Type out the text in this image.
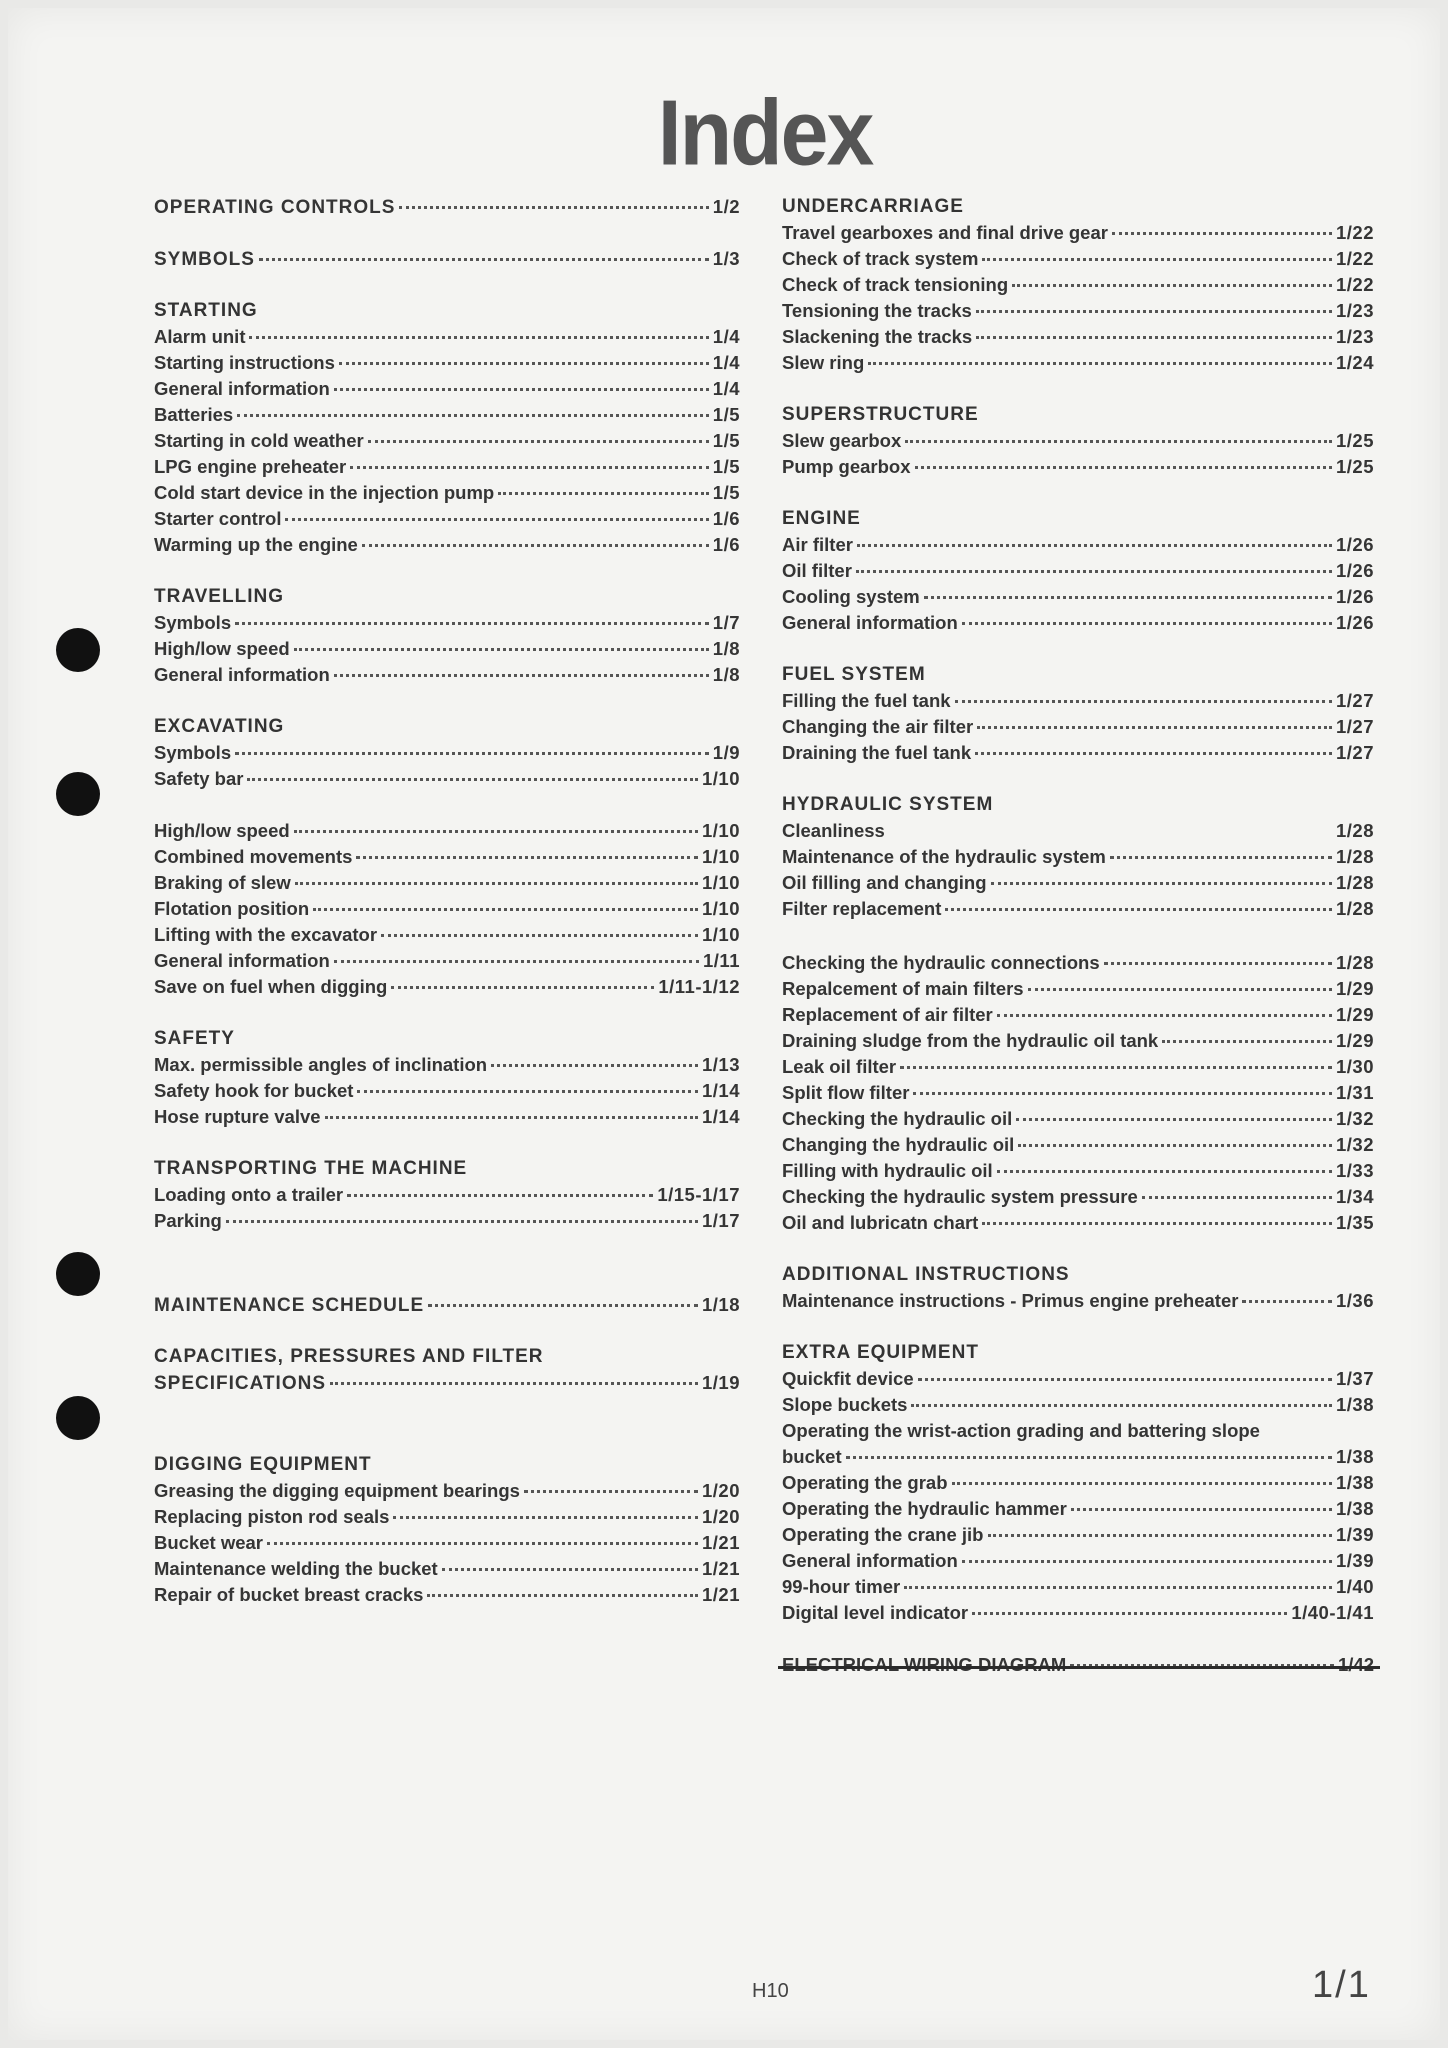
Index
OPERATING CONTROLS	1/2
SYMBOLS	1/3
STARTING
Alarm unit	1/4
Starting instructions	1/4
General information	1/4
Batteries	1/5
Starting in cold weather	1/5
LPG engine preheater	1/5
Cold start device in the injection pump	1/5
Starter control	1/6
Warming up the engine	1/6
TRAVELLING
Symbols	1/7
High/low speed	1/8
General information	1/8
EXCAVATING
Symbols	1/9
Safety bar	1/10
High/low speed	1/10
Combined movements	1/10
Braking of slew	1/10
Flotation position	1/10
Lifting with the excavator	1/10
General information	1/11
Save on fuel when digging	1/11-1/12
SAFETY
Max. permissible angles of inclination	1/13
Safety hook for bucket	1/14
Hose rupture valve	1/14
TRANSPORTING THE MACHINE
Loading onto a trailer	1/15-1/17
Parking	1/17
MAINTENANCE SCHEDULE	1/18
CAPACITIES, PRESSURES AND FILTER
SPECIFICATIONS	1/19
DIGGING EQUIPMENT
Greasing the digging equipment bearings	1/20
Replacing piston rod seals	1/20
Bucket wear	1/21
Maintenance welding the bucket	1/21
Repair of bucket breast cracks	1/21
UNDERCARRIAGE
Travel gearboxes and final drive gear	1/22
Check of track system	1/22
Check of track tensioning	1/22
Tensioning the tracks	1/23
Slackening the tracks	1/23
Slew ring	1/24
SUPERSTRUCTURE
Slew gearbox	1/25
Pump gearbox	1/25
ENGINE
Air filter	1/26
Oil filter	1/26
Cooling system	1/26
General information	1/26
FUEL SYSTEM
Filling the fuel tank	1/27
Changing the air filter	1/27
Draining the fuel tank	1/27
HYDRAULIC SYSTEM
Cleanliness	1/28
Maintenance of the hydraulic system	1/28
Oil filling and changing	1/28
Filter replacement	1/28
Checking the hydraulic connections	1/28
Repalcement of main filters	1/29
Replacement of air filter	1/29
Draining sludge from the hydraulic oil tank	1/29
Leak oil filter	1/30
Split flow filter	1/31
Checking the hydraulic oil	1/32
Changing the hydraulic oil	1/32
Filling with hydraulic oil	1/33
Checking the hydraulic system pressure	1/34
Oil and lubricatn chart	1/35
ADDITIONAL INSTRUCTIONS
Maintenance instructions - Primus engine preheater	1/36
EXTRA EQUIPMENT
Quickfit device	1/37
Slope buckets	1/38
Operating the wrist-action grading and battering slope
bucket	1/38
Operating the grab	1/38
Operating the hydraulic hammer	1/38
Operating the crane jib	1/39
General information	1/39
99-hour timer	1/40
Digital level indicator	1/40-1/41
ELECTRICAL WIRING DIAGRAM	1/42
H10	1/1
